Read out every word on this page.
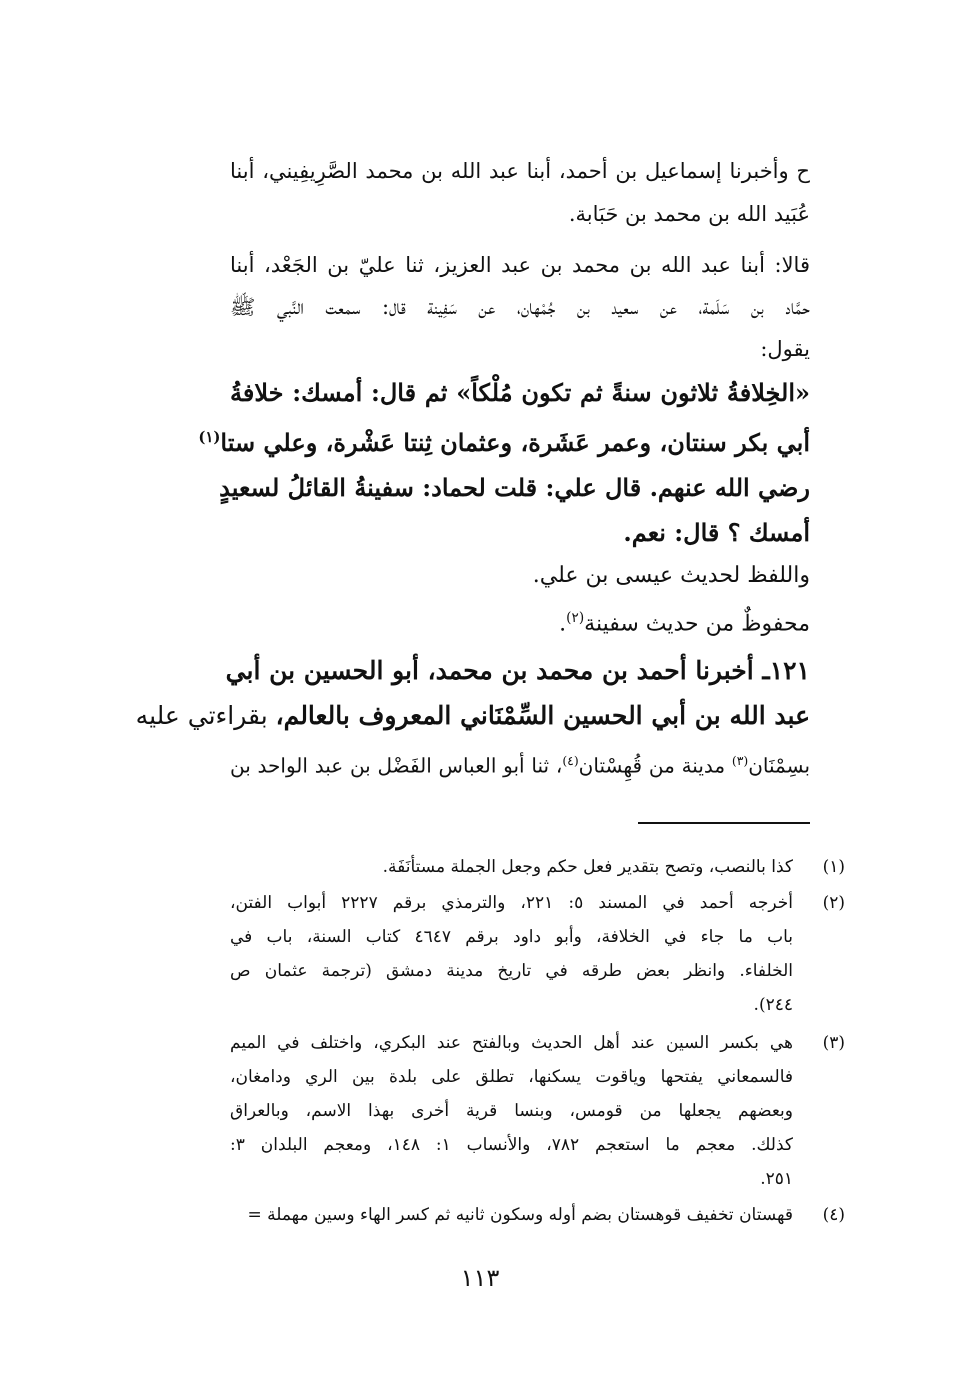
ح وأخبرنا إسماعيل بن أحمد، أبنا عبد الله بن محمد الصَّرِيفِيني، أبنا
عُبَيد الله بن محمد بن حَبَابة.
قالا: أبنا عبد الله بن محمد بن عبد العزيز، ثنا عليّ بن الجَعْد، أبنا
حمَّاد بن سَلَمة، عن سعيد بن جُمْهان، عن سَفِينة قال: سمعت النَّبي ﷺ
يقول:
«الخِلافةُ ثلاثون سنةً ثم تكون مُلْكاً» ثم قال: أمسك: خلافةُ
أبي بكر سنتان، وعمر عَشَرة، وعثمان ثِنتا عَشْرة، وعلي ستا$^{(١)}$
رضي الله عنهم. قال علي: قلت لحماد: سفينةُ القائلُ لسعيدٍ
أمسك ؟ قال: نعم.
واللفظ لحديث عيسى بن علي.
محفوظٌ من حديث سفينة$^{(٢)}$.
١٢١ـ أخبرنا أحمد بن محمد بن محمد، أبو الحسين بن أبي
عبد الله بن أبي الحسين السِّمْنَاني المعروف بالعالم، بقراءتي عليه
بسِمْنَان$^{(٣)}$ مدينة من قُهِسْتان$^{(٤)}$، ثنا أبو العباس الفَضْل بن عبد الواحد بن
(١)
كذا بالنصب، وتصح بتقدير فعل حكم وجعل الجملة مستأنَفَة.
(٢)
أخرجه أحمد في المسند ٥: ٢٢١، والترمذي برقم ٢٢٢٧ أبواب الفتن،
باب ما جاء في الخلافة، وأبو داود برقم ٤٦٤٧ كتاب السنة، باب في
الخلفاء. وانظر بعض طرقه في تاريخ مدينة دمشق (ترجمة عثمان ص
٢٤٤).
(٣)
هي بكسر السين عند أهل الحديث وبالفتح عند البكري، واختلف في الميم
فالسمعاني يفتحها وياقوت يسكنها، تطلق على بلدة بين الري ودامغان،
وبعضهم يجعلها من قومس، وبنسا قرية أخرى بهذا الاسم، وبالعراق
كذلك. معجم ما استعجم ٧٨٢، والأنساب ١: ١٤٨، ومعجم البلدان ٣:
٢٥١.
(٤)
قهستان تخفيف قوهستان بضم أوله وسكون ثانيه ثم كسر الهاء وسين مهملة =
١١٣
